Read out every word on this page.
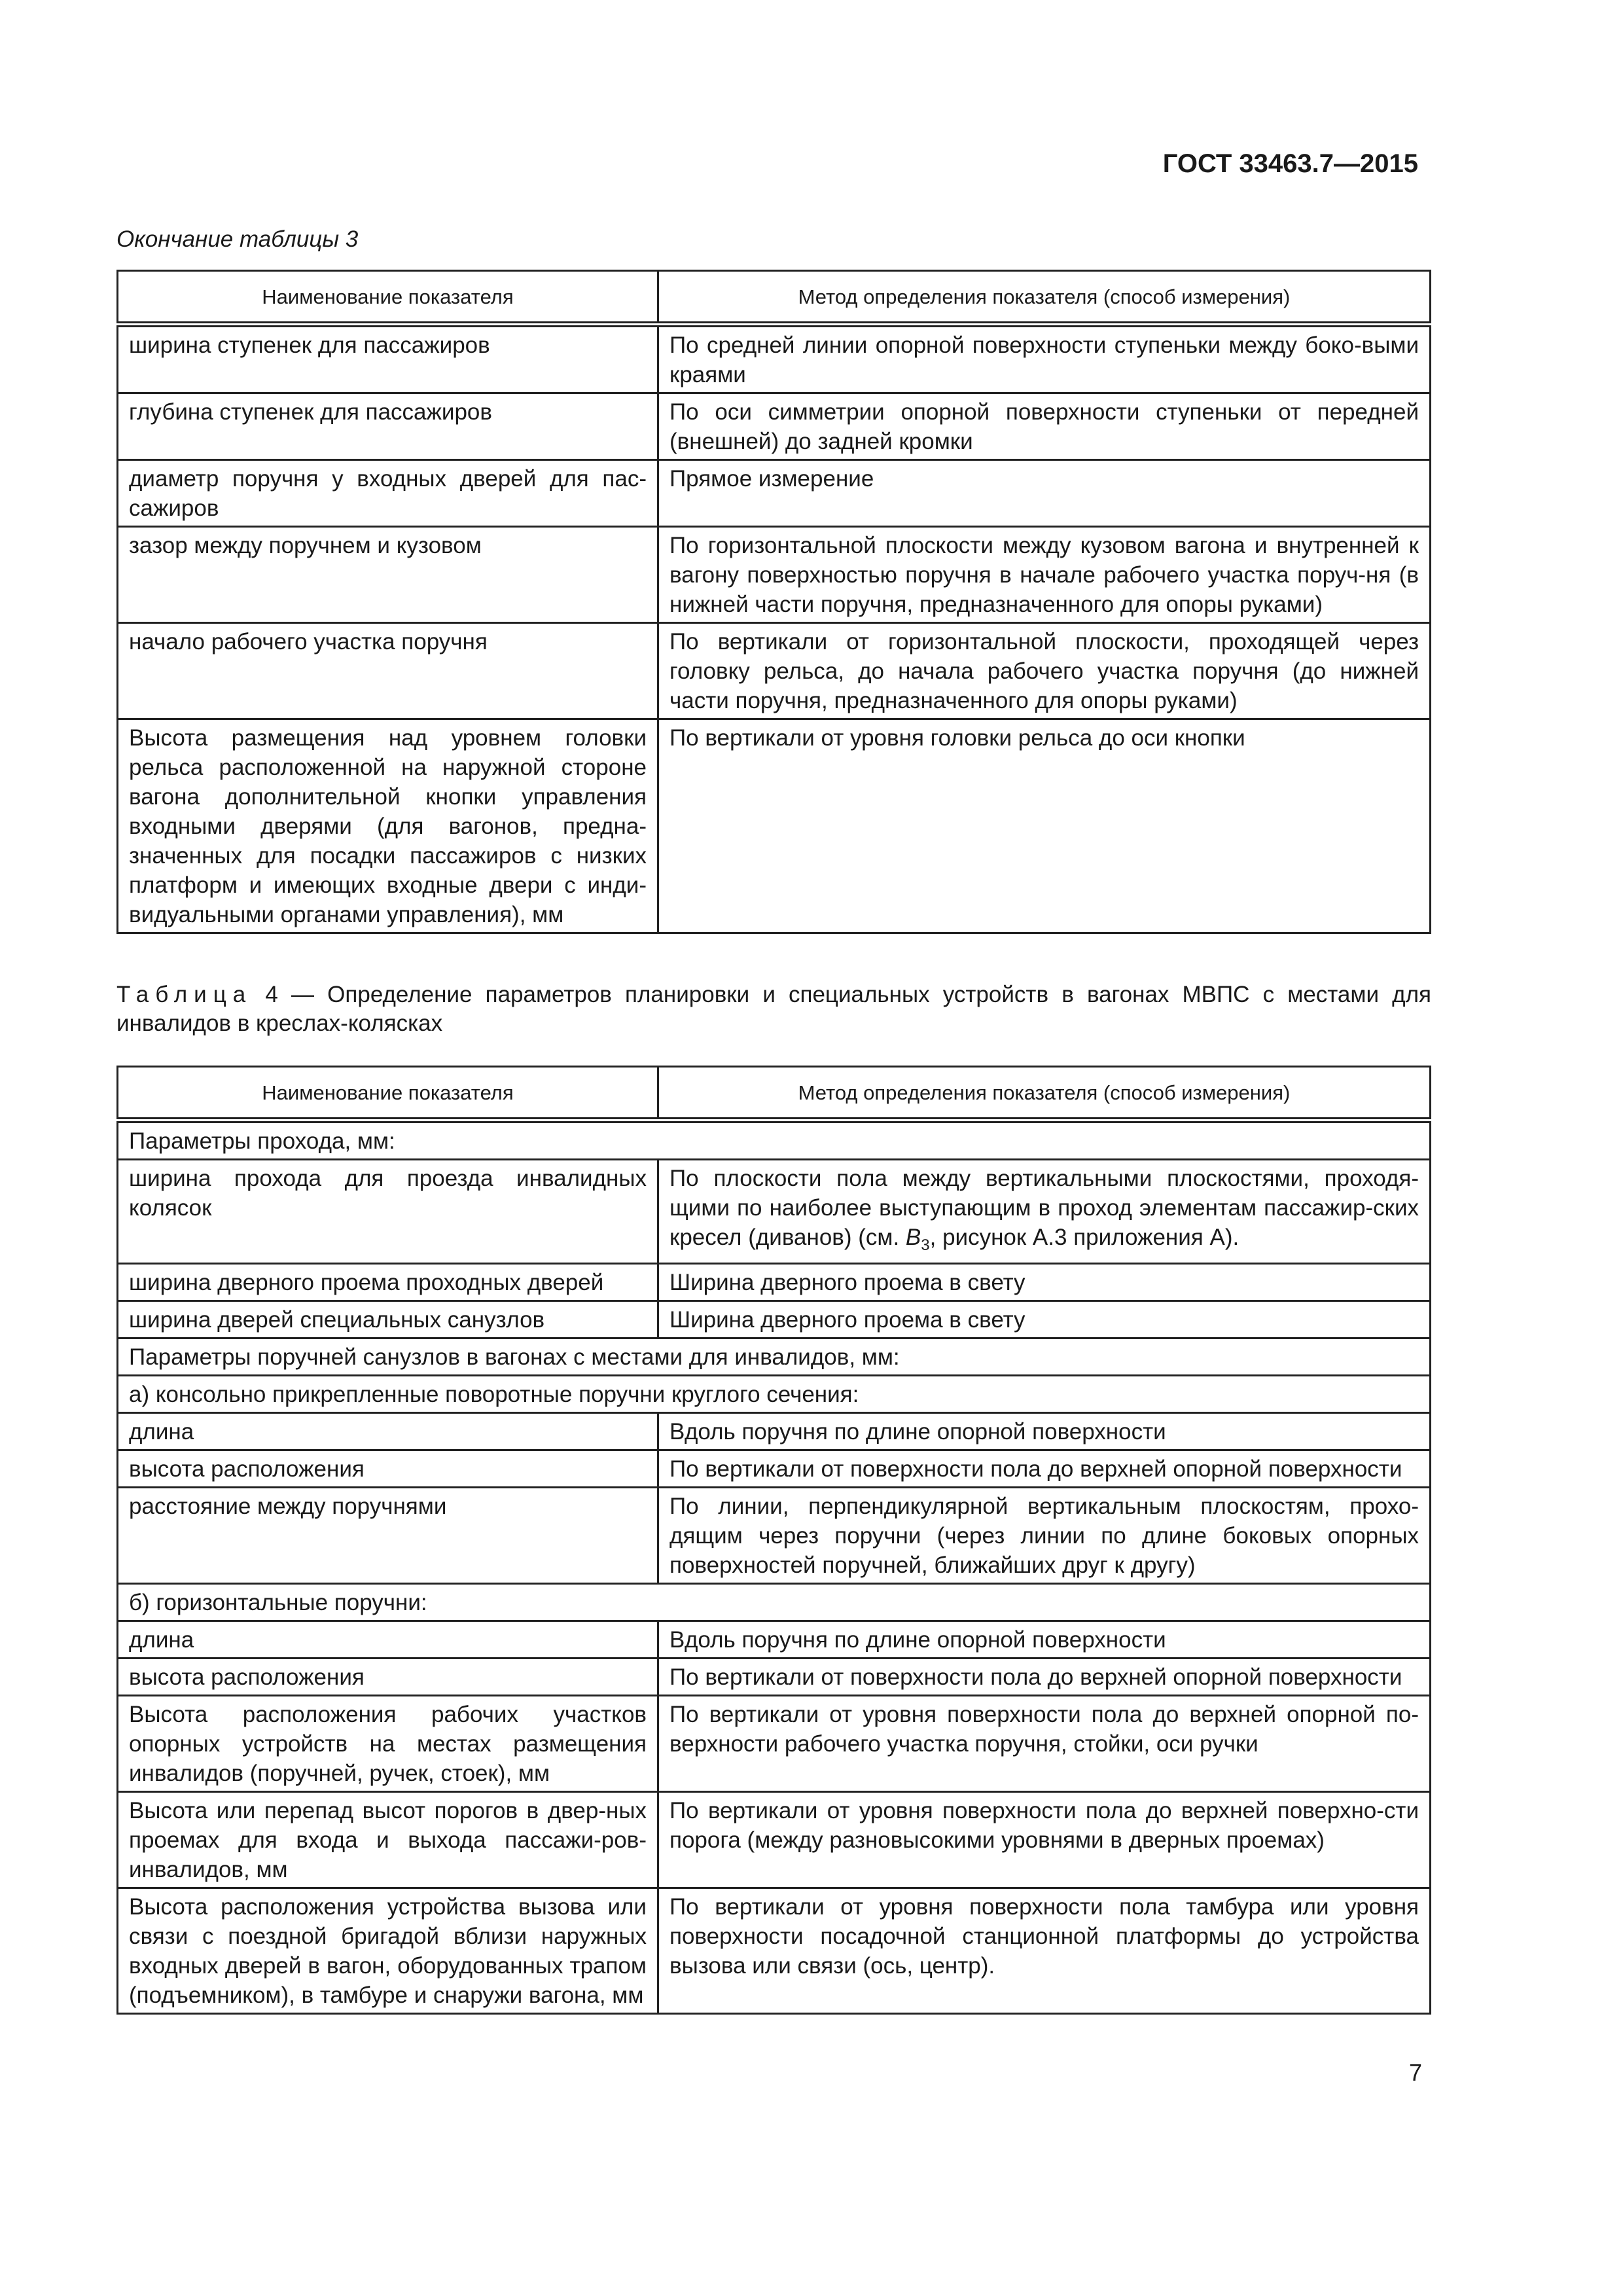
ГОСТ 33463.7—2015
Окончание таблицы 3
Наименование показателя	Метод определения показателя (способ измерения)
ширина ступенек для пассажиров	По средней линии опорной поверхности ступеньки между боко-выми краями
глубина ступенек для пассажиров	По оси симметрии опорной поверхности ступеньки от передней (внешней) до задней кромки
диаметр поручня у входных дверей для пас-сажиров	Прямое измерение
зазор между поручнем и кузовом	По горизонтальной плоскости между кузовом вагона и внутренней к вагону поверхностью поручня в начале рабочего участка поруч-ня (в нижней части поручня, предназначенного для опоры руками)
начало рабочего участка поручня	По вертикали от горизонтальной плоскости, проходящей через головку рельса, до начала рабочего участка поручня (до нижней части поручня, предназначенного для опоры руками)
Высота размещения над уровнем головки рельса расположенной на наружной стороне вагона дополнительной кнопки управления входными дверями (для вагонов, предна-значенных для посадки пассажиров с низких платформ и имеющих входные двери с инди-видуальными органами управления), мм	По вертикали от уровня головки рельса до оси кнопки
Таблица 4 — Определение параметров планировки и специальных устройств в вагонах МВПС с местами для инвалидов в креслах-колясках
Наименование показателя	Метод определения показателя (способ измерения)
Параметры прохода, мм:	
ширина прохода для проезда инвалидных колясок	По плоскости пола между вертикальными плоскостями, проходя-щими по наиболее выступающим в проход элементам пассажир-ских кресел (диванов) (см. $B_3$, рисунок А.3 приложения А).
ширина дверного проема проходных дверей	Ширина дверного проема в свету
ширина дверей специальных санузлов	Ширина дверного проема в свету
Параметры поручней санузлов в вагонах с местами для инвалидов, мм:	
а) консольно прикрепленные поворотные поручни круглого сечения:	
длина	Вдоль поручня по длине опорной поверхности
высота расположения	По вертикали от поверхности пола до верхней опорной поверхности
расстояние между поручнями	По линии, перпендикулярной вертикальным плоскостям, прохо-дящим через поручни (через линии по длине боковых опорных поверхностей поручней, ближайших друг к другу)
б) горизонтальные поручни:	
длина	Вдоль поручня по длине опорной поверхности
высота расположения	По вертикали от поверхности пола до верхней опорной поверхности
Высота расположения рабочих участков опорных устройств на местах размещения инвалидов (поручней, ручек, стоек), мм	По вертикали от уровня поверхности пола до верхней опорной по-верхности рабочего участка поручня, стойки, оси ручки
Высота или перепад высот порогов в двер-ных проемах для входа и выхода пассажи-ров-инвалидов, мм	По вертикали от уровня поверхности пола до верхней поверхно-сти порога (между разновысокими уровнями в дверных проемах)
Высота расположения устройства вызова или связи с поездной бригадой вблизи наружных входных дверей в вагон, оборудованных трапом (подъемником), в тамбуре и снаружи вагона, мм	По вертикали от уровня поверхности пола тамбура или уровня поверхности посадочной станционной платформы до устройства вызова или связи (ось, центр).
7
